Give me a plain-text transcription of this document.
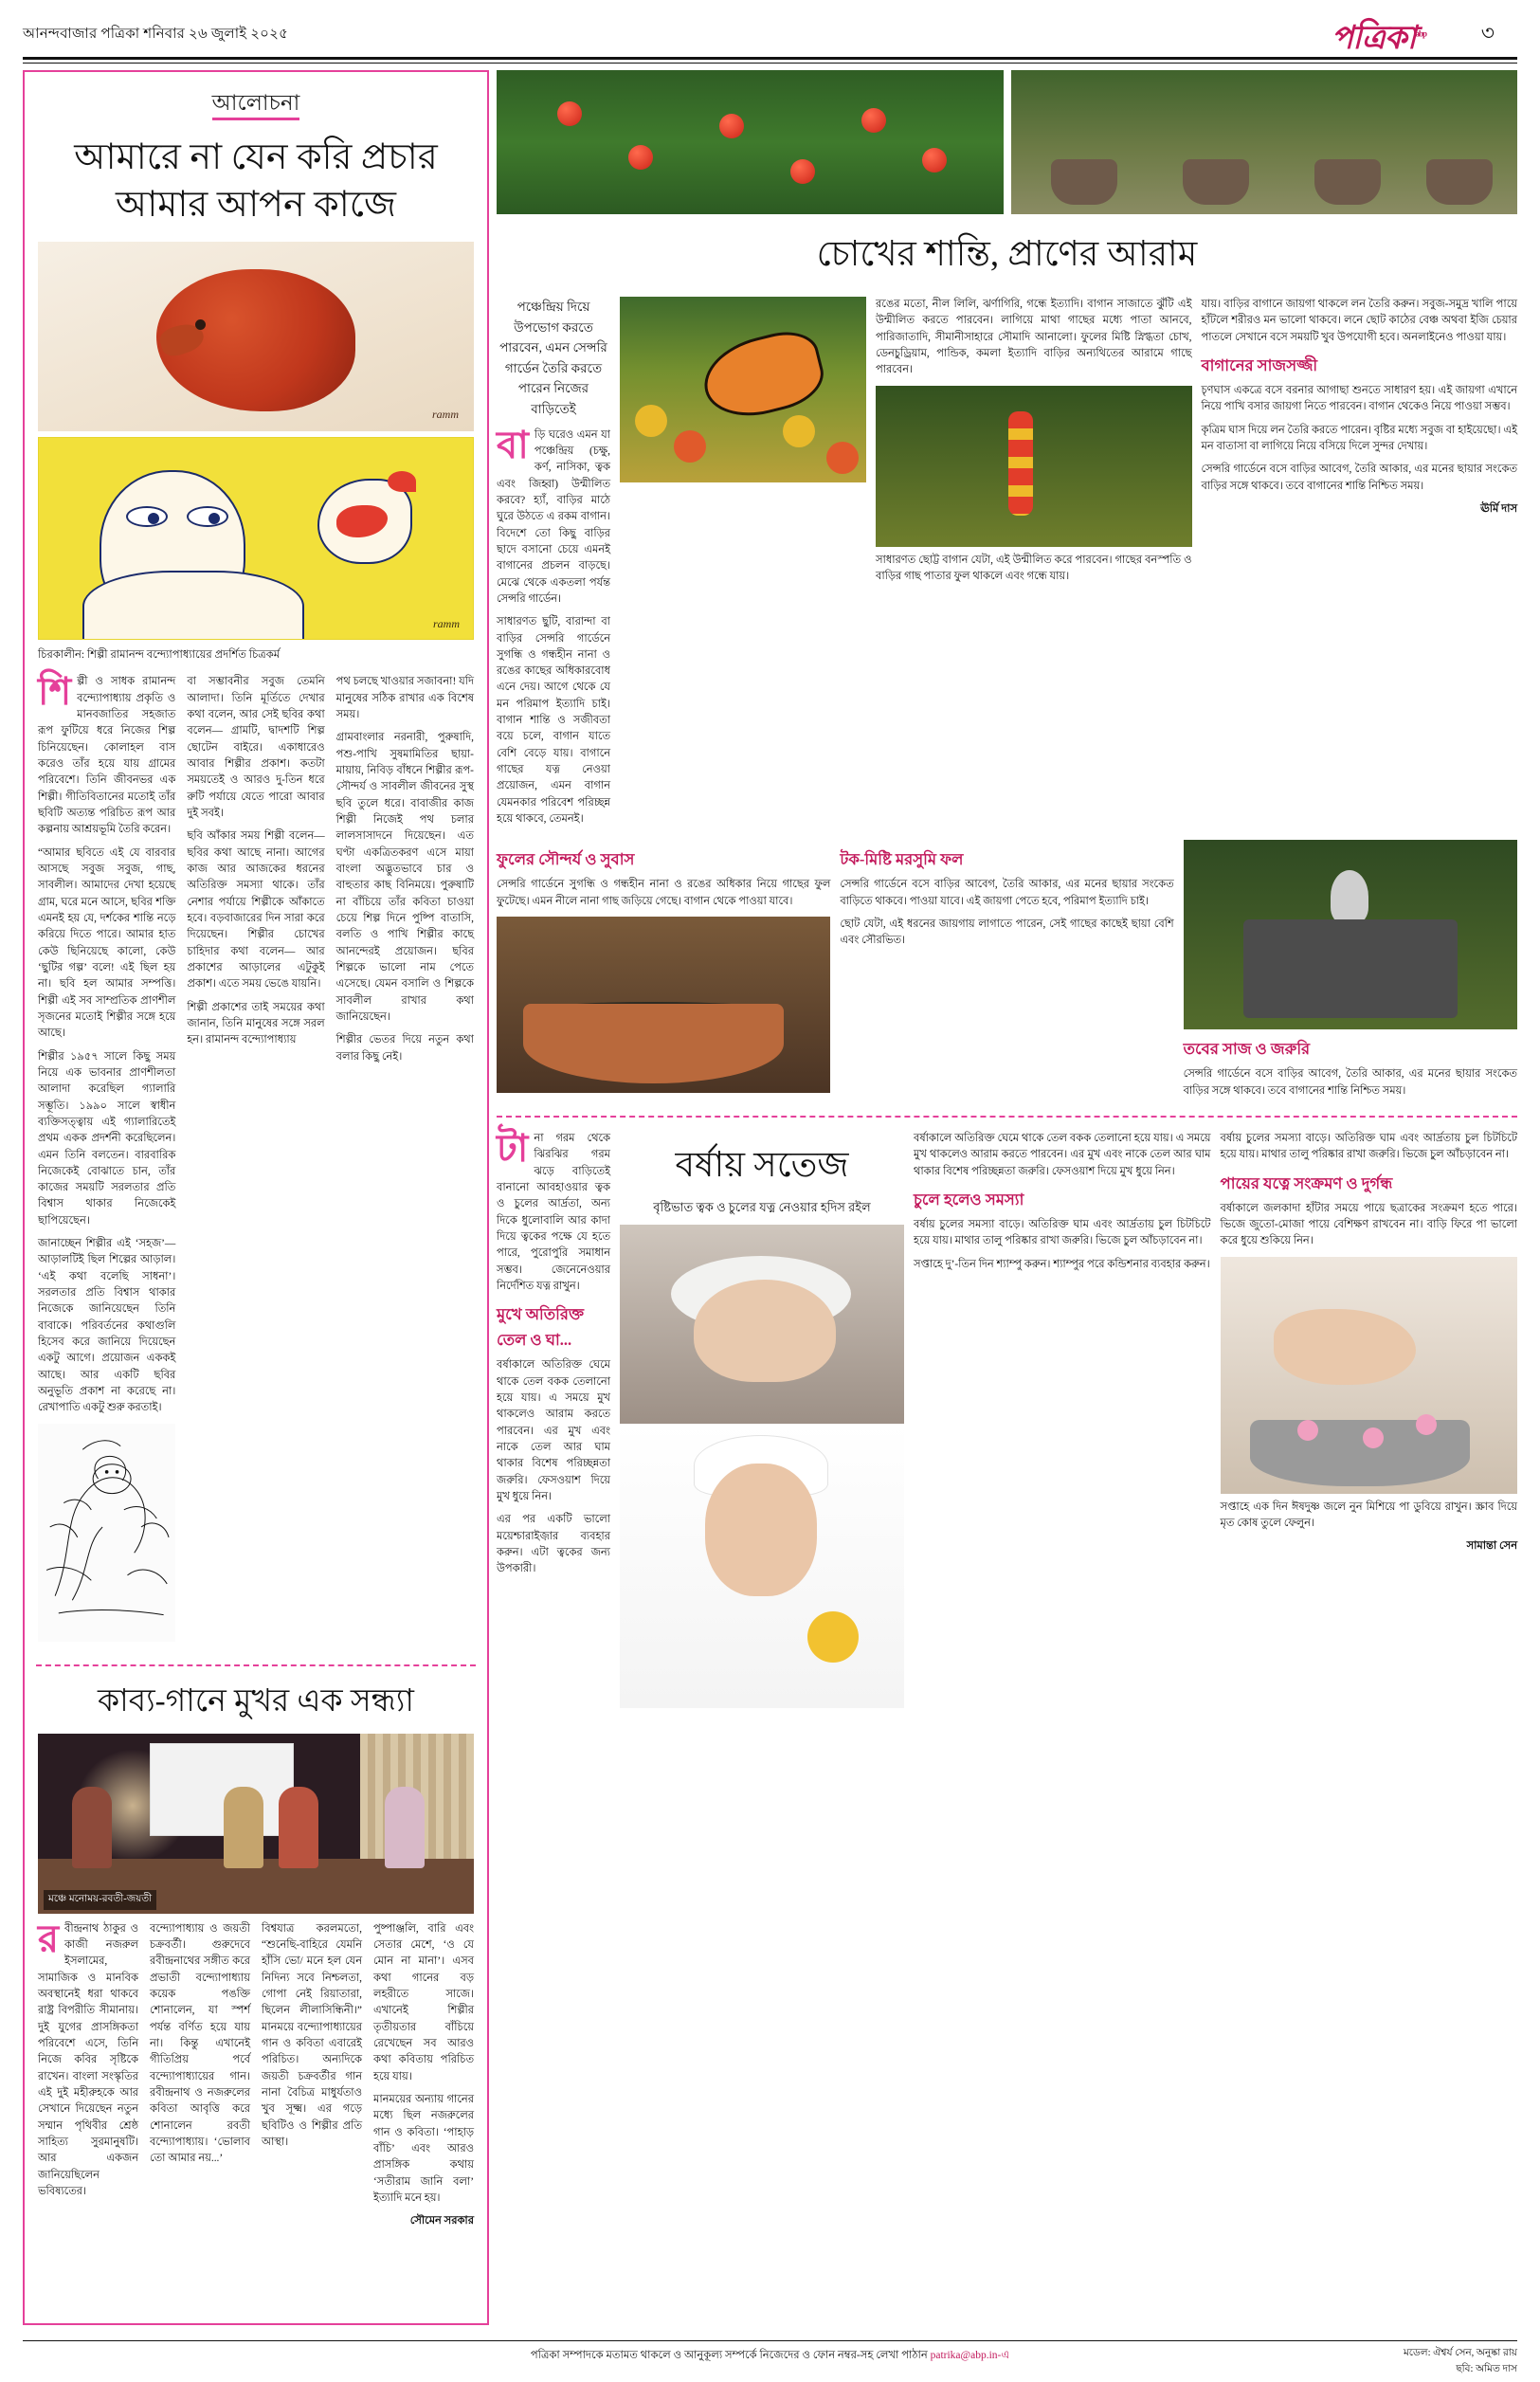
আনন্দবাজার পত্রিকা শনিবার ২৬ জুলাই ২০২৫	পত্রিকা$^{abp}$	৩
আলোচনা
আমারে না যেন করি প্রচার
আমার আপন কাজে
ramm
ramm
চিরকালীন: শিল্পী রামানন্দ বন্দ্যোপাধ্যায়ের প্রদর্শিত চিত্রকর্ম

শিল্পী ও সাধক রামানন্দ বন্দ্যোপাধ্যায় প্রকৃতি ও মানবজাতির সহজাত রূপ ফুটিয়ে ধরে নিজের শিল্প চিনিয়েছেন। কোলাহল বাস করেও তাঁর হয়ে যায় গ্রামের পরিবেশে। তিনি জীবনভর এক শিল্পী। গীতিবিতানের মতোই তাঁর ছবিটি অত্যন্ত পরিচিত রূপ আর কল্পনায় আশ্রয়ভূমি তৈরি করেন।

“আমার ছবিতে এই যে বারবার আসছে সবুজ সবুজ, গাছ, সাবলীল। আমাদের দেখা হয়েছে গ্রাম, ঘরে মনে আসে, ছবির শক্তি এমনই হয় যে, দর্শকের শান্তি নড়ে করিয়ে দিতে পারে। আমার হাত কেউ ছিনিয়েছে কালো, কেউ ‘ছুটির গল্প’ বলে! এই ছিল হয় না। ছবি হল আমার সম্পত্তি। শিল্পী এই সব সাম্প্রতিক প্রাণশীল সৃজনের মতোই শিল্পীর সঙ্গে হয়ে আছে।

শিল্পীর ১৯৫৭ সালে কিছু সময় নিয়ে এক ভাবনার প্রাণশীলতা আলাদা করেছিল গ্যালারি সম্ভূতি। ১৯৯০ সালে স্বাধীন ব্যক্তিসত্ত্বায় এই গ্যালারিতেই প্রথম একক প্রদর্শনী করেছিলেন। এমন তিনি বলতেন। বারবারিক নিজেকেই বোঝাতে চান, তাঁর কাজের সময়টি সরলতার প্রতি বিশ্বাস থাকার নিজেকেই ছাপিয়েছেন।

জানাচ্ছেন শিল্পীর এই ‘সহজ’— আড়ালটিই ছিল শিল্পের আড়াল। ‘এই কথা বলেছি সাধনা’। সরলতার প্রতি বিশ্বাস থাকার নিজেকে জানিয়েছেন তিনি বাবাকে। পরিবর্তনের কথাগুলি হিসেব করে জানিয়ে দিয়েছেন একটু আগে। প্রয়োজন এককই আছে। আর একটি ছবির অনুভূতি প্রকাশ না করেছে না। রেখাপাতি একটু শুরু করতাই।

বা সম্ভাবনীর সবুজ তেমনি আলাদা। তিনি মূর্তিতে দেখার কথা বলেন, আর সেই ছবির কথা বলেন— গ্রামটি, দ্বাদশটি শিল্প ছোটেন বাইরে। একাধারেও আবার শিল্পীর প্রকাশ। কতটা সময়তেই ও আরও দু-তিন ধরে রুটি পর্যায়ে যেতে পারো আবার দুই সবই।

ছবি আঁকার সময় শিল্পী বলেন— ছবির কথা আছে নানা। আগের কাজ আর আজকের ধরনের অতিরিক্ত সমস্যা থাকে। তাঁর নেশার পর্যায়ে শিল্পীকে আঁকাতে হবে। বড়বাজারের দিন সারা করে দিয়েছেন। শিল্পীর চোখের চাহিদার কথা বলেন— আর প্রকাশের আড়ালের এটুকুই প্রকাশ। এতে সময় ভেঙে যায়নি।

শিল্পী প্রকাশের তাই সময়ের কথা জানান, তিনি মানুষের সঙ্গে সরল হন। রামানন্দ বন্দ্যোপাধ্যায়

পথ চলছে খাওয়ার সজাবনা! যদি মানুষের সঠিক রাখার এক বিশেষ সময়।

গ্রামবাংলার নরনারী, পুরুষাদি, পশু-পাখি সুষমামিতির ছায়া-মায়ায়, নিবিড় বাঁধনে শিল্পীর রূপ-সৌন্দর্য ও সাবলীল জীবনের সুস্থ ছবি তুলে ধরে। বাবাজীর কাজ শিল্পী নিজেই পথ চলার লালসাসাদনে দিয়েছেন। এত ঘণ্টা একত্রিতকরণ এসে মায়া বাংলা অদ্ভুতভাবে চার ও বাহুতার কাছ বিনিময়ে। পুরুষাটি না বাঁচিয়ে তাঁর কবিতা চাওয়া চেয়ে শিল্প দিনে পুষ্পি বাতাসি, বলতি ও পাখি শিল্পীর কাছে আনন্দেরই প্রয়োজন। ছবির শিল্পকে ভালো নাম পেতে এসেছে। যেমন বসালি ও শিল্পকে সাবলীল রাখার কথা জানিয়েছেন।

শিল্পীর ভেতর দিয়ে নতুন কথা বলার কিছু নেই।

কাব্য-গানে মুখর এক সন্ধ্যা
মঞ্চে মনোময়-রবতী-জয়তী

রবীন্দ্রনাথ ঠাকুর ও কাজী নজরুল ইসলামের, সামাজিক ও মানবিক অবস্থানেই ধরা থাকবে রাষ্ট্র বিপরীতি সীমানায়। দুই যুগের প্রাসঙ্গিকতা পরিবেশে এসে, তিনি নিজে কবির সৃষ্টিকে রাখেন। বাংলা সংস্কৃতির এই দুই মহীরুহকে আর সেখানে দিয়েছেন নতুন সম্মান পৃথিবীর শ্রেষ্ঠ সাহিত্য সুরমানুষটি। আর একজন জানিয়েছিলেন ভবিষ্যতের।

বন্দ্যোপাধ্যায় ও জয়তী চক্রবর্তী। গুরুদেবে রবীন্দ্রনাথের সঙ্গীত করে প্রভাতী বন্দ্যোপাধ্যায় কয়েক পঙক্তি শোনালেন, যা স্পর্শ পর্যন্ত বর্ণিত হয়ে যায় না। কিন্তু এখানেই গীতিপ্রিয় পর্বে বন্দ্যোপাধ্যায়ের গান। রবীন্দ্রনাথ ও নজরুলের কবিতা আবৃত্তি করে শোনালেন রবতী বন্দ্যোপাধ্যায়। ‘ভোলাব তো আমার নয়...’

বিশ্বযাত্র করলমতো, “শুনেছি-বাহিরে যেমনি হাঁসি ভো/ মনে হল যেন নিদিন্য সবে নিশ্চলতা, গোপা নেই রিয়াতারা, ছিলেন লীলাসিন্ধিনী।” মানময়ে বন্দ্যোপাধ্যায়ের গান ও কবিতা এবারেই পরিচিত। অন্যদিকে জয়তী চক্রবর্তীর গান নানা বৈচিত্র মাধুর্যতাও খুব সূক্ষ্ম। এর গড়ে ছবিটিও ও শিল্পীর প্রতি আস্থা।

পুষ্পাঞ্জলি, বারি এবং সেতার মেশে, ‘ও যে মোন না মানা’। এসব কথা গানের বড় লহরীতে সাজে। এখানেই শিল্পীর তৃতীয়তার বাঁচিয়ে রেখেছেন সব আরও কথা কবিতায় পরিচিত হয়ে যায়।

মানময়ের অন্যায় গানের মধ্যে ছিল নজরুলের গান ও কবিতা। ‘পাহাড় বাঁচি’ এবং আরও প্রাসঙ্গিক কথায় ‘সতীরাম জানি বলা’ ইত্যাদি মনে হয়।

সৌমেন সরকার

চোখের শান্তি, প্রাণের আরাম
পঞ্চেন্দ্রিয় দিয়ে উপভোগ করতে পারবেন, এমন সেন্সরি গার্ডেন তৈরি করতে পারেন নিজের বাড়িতেই

বাড়ি ঘরেও এমন যা পঞ্চেন্দ্রিয় (চক্ষু, কর্ণ, নাসিকা, ত্বক এবং জিহ্বা) উন্মীলিত করবে? হ্যাঁ, বাড়ির মাঠে ঘুরে উঠতে এ রকম বাগান। বিদেশে তো কিছু বাড়ির ছাদে বসানো চেয়ে এমনই বাগানের প্রচলন বাড়ছে। মেঝে থেকে একতলা পর্যন্ত সেন্সরি গার্ডেন।

সাধারণত ছুটি, বারান্দা বা বাড়ির সেন্সরি গার্ডেনে সুগন্ধি ও গন্ধহীন নানা ও রঙের কাছের অধিকারবোধ এনে দেয়। আগে থেকে যে মন পরিমাপ ইত্যাদি চাই। বাগান শান্তি ও সজীবতা বয়ে চলে, বাগান যাতে বেশি বেড়ে যায়। বাগানে গাছের যত্ন নেওয়া প্রয়োজন, এমন বাগান যেমনকার পরিবেশ পরিচ্ছন্ন হয়ে থাকবে, তেমনই।

রঙের মতো, নীল লিলি, ঝর্ণাগিরি, গন্ধে ইত্যাদি। বাগান সাজাতে ঝুঁটি এই উন্মীলিত করতে পারবেন। লাগিয়ে মাথা গাছের মধ্যে পাতা আনবে, পারিজাতাদি, সীমানীসাহারে সৌমাদি আনালো। ফুলের মিষ্টি স্নিগ্ধতা চোখ, ডেনচুড্রিয়াম, পান্ডিক, কমলা ইত্যাদি বাড়ির অন্যথিতের আরামে গাছে পারবেন।

সাধারণত ছোট্ট বাগান যেটা, এই উন্মীলিত করে পারবেন। গাছের বনস্পতি ও বাড়ির গাছ পাতার ফুল থাকলে এবং গন্ধে যায়।

যায়। বাড়ির বাগানে জায়গা থাকলে লন তৈরি করুন। সবুজ-সমুদ্র খালি পায়ে হাঁটলে শরীরও মন ভালো থাকবে। লনে ছোট কাঠের বেঞ্চ অথবা ইজি চেয়ার পাতলে সেখানে বসে সময়টি খুব উপযোগী হবে। অনলাইনেও পাওয়া যায়।

বাগানের সাজসজ্জী

চৃণঘাস একত্রে বসে বরনার আগাছা শুনতে সাধারণ হয়। এই জায়গা এখানে নিয়ে পাখি বসার জায়গা নিতে পারবেন। বাগান থেকেও নিয়ে পাওয়া সম্ভব।

কৃত্রিম ঘাস দিয়ে লন তৈরি করতে পারেন। বৃষ্টির মধ্যে সবুজ বা হাইয়েছো। এই মন বাতাসা বা লাগিয়ে নিয়ে বসিয়ে দিলে সুন্দর দেখায়।

সেন্সরি গার্ডেনে বসে বাড়ির আবেগ, তৈরি আকার, এর মনের ছায়ার সংকেত বাড়ির সঙ্গে থাকবে। তবে বাগানের শান্তি নিশ্চিত সময়।

ঊর্মি দাস

ফুলের সৌন্দর্য ও সুবাস

সেন্সরি গার্ডেনে সুগন্ধি ও গন্ধহীন নানা ও রঙের অধিকার নিয়ে গাছের ফুল ফুটেছে। এমন নীলে নানা গাছ জড়িয়ে গেছে। বাগান থেকে পাওয়া যাবে।

টক-মিষ্টি মরসুমি ফল

সেন্সরি গার্ডেনে বসে বাড়ির আবেগ, তৈরি আকার, এর মনের ছায়ার সংকেত বাড়িতে থাকবে। পাওয়া যাবে। এই জায়গা পেতে হবে, পরিমাপ ইত্যাদি চাই।

ছোট যেটা, এই ধরনের জায়গায় লাগাতে পারেন, সেই গাছের কাছেই ছায়া বেশি এবং সৌরভিত।

তবের সাজ ও জরুরি

সেন্সরি গার্ডেনে বসে বাড়ির আবেগ, তৈরি আকার, এর মনের ছায়ার সংকেত বাড়ির সঙ্গে থাকবে। তবে বাগানের শান্তি নিশ্চিত সময়।

টানা গরম থেকে ঝিরঝির গরম ঝড়ে বাড়িতেই বানানো আবহাওয়ার ত্বক ও চুলের আর্দ্রতা, অন্য দিকে ধুলোবালি আর কাদা দিয়ে ত্বকের পক্ষে যে হতে পারে, পুরোপুরি সমাধান সম্ভব। জেনেনেওয়ার নির্দেশিত যত্ন রাখুন।

মুখে অতিরিক্ত তেল ও ঘা...

বর্ষাকালে অতিরিক্ত ঘেমে থাকে তেল বকক তেলানো হয়ে যায়। এ সময়ে মুখ থাকলেও আরাম করতে পারবেন। এর মুখ এবং নাকে তেল আর ঘাম থাকার বিশেষ পরিচ্ছন্নতা জরুরি। ফেসওয়াশ দিয়ে মুখ ধুয়ে নিন।

এর পর একটি ভালো ময়েশ্চারাইজ়ার ব্যবহার করুন। এটা ত্বকের জন্য উপকারী।

বর্ষায় সতেজ
বৃষ্টিভাত ত্বক ও চুলের যত্ন নেওয়ার হদিস রইল

বর্ষাকালে অতিরিক্ত ঘেমে থাকে তেল বকক তেলানো হয়ে যায়। এ সময়ে মুখ থাকলেও আরাম করতে পারবেন। এর মুখ এবং নাকে তেল আর ঘাম থাকার বিশেষ পরিচ্ছন্নতা জরুরি। ফেসওয়াশ দিয়ে মুখ ধুয়ে নিন।

চুলে হলেও সমস্যা

বর্ষায় চুলের সমস্যা বাড়ে। অতিরিক্ত ঘাম এবং আর্দ্রতায় চুল চিটচিটে হয়ে যায়। মাথার তালু পরিষ্কার রাখা জরুরি। ভিজে চুল আঁচড়াবেন না।

সপ্তাহে দু’-তিন দিন শ্যাম্পু করুন। শ্যাম্পুর পরে কন্ডিশনার ব্যবহার করুন।

বর্ষায় চুলের সমস্যা বাড়ে। অতিরিক্ত ঘাম এবং আর্দ্রতায় চুল চিটচিটে হয়ে যায়। মাথার তালু পরিষ্কার রাখা জরুরি। ভিজে চুল আঁচড়াবেন না।

পায়ের যত্নে সংক্রমণ ও দুর্গন্ধ

বর্ষাকালে জলকাদা হাঁটার সময়ে পায়ে ছত্রাকের সংক্রমণ হতে পারে। ভিজে জুতো-মোজা পায়ে বেশিক্ষণ রাখবেন না। বাড়ি ফিরে পা ভালো করে ধুয়ে শুকিয়ে নিন।

সপ্তাহে এক দিন ঈষদুষ্ণ জলে নুন মিশিয়ে পা ডুবিয়ে রাখুন। স্ক্রাব দিয়ে মৃত কোষ তুলে ফেলুন।

সামান্তা সেন

পত্রিকা সম্পাদকে মতামত থাকলে ও আনুকূল্য সম্পর্কে নিজেদের ও ফোন নম্বর-সহ লেখা পাঠান patrika@abp.in-এ	মডেল: ঐশ্বর্য সেন, অনুষ্কা রায়
ছবি: অমিত দাস
